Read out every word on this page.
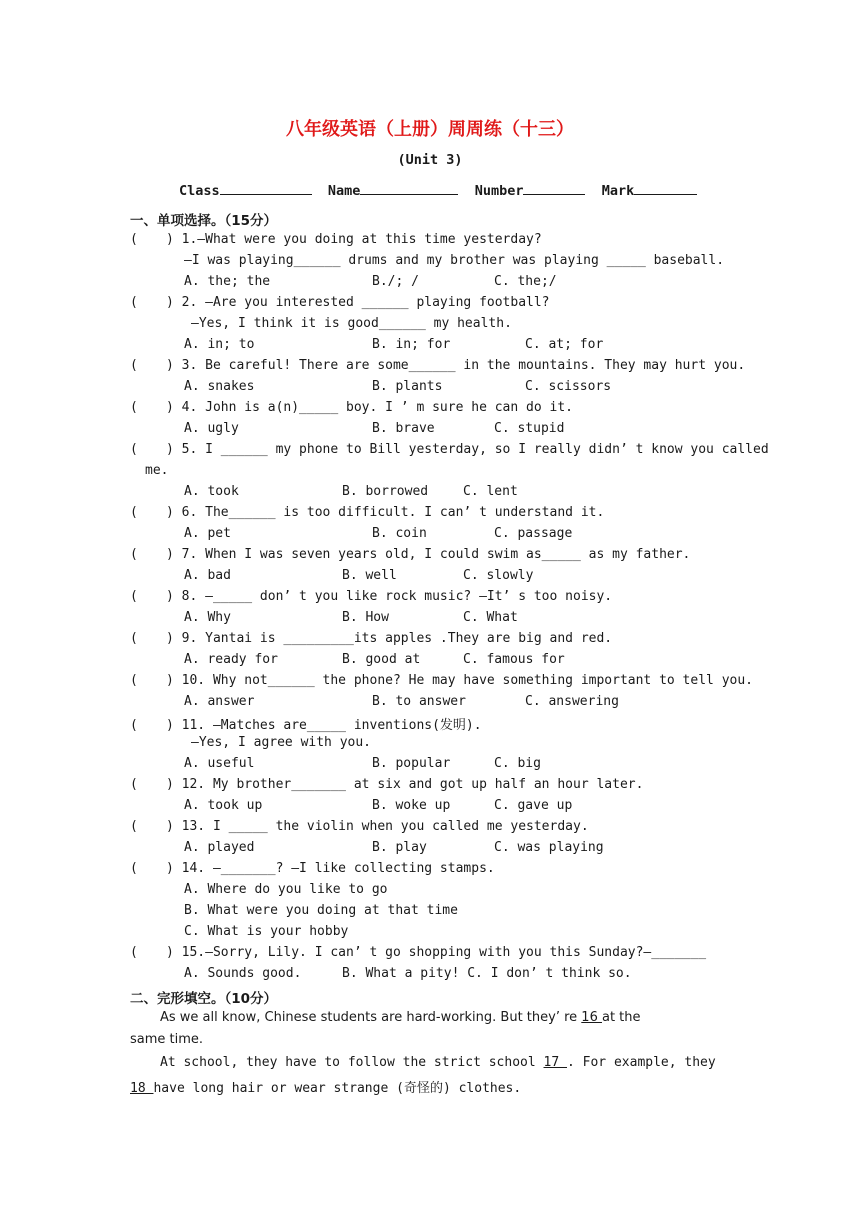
八年级英语（上册）周周练（十三）
(Unit 3)
Class	Name	Number	Mark
一、单项选择。（15分）
( ) 1.—What were you doing at this time yesterday?
—I was playing______ drums and my brother was playing _____ baseball.
A. the; the	B./; /	C. the;/
( ) 2. —Are you interested ______ playing football?
—Yes, I think it is good______ my health.
A. in; to	B. in; for	C. at; for
( ) 3. Be careful! There are some______ in the mountains. They may hurt you.
A. snakes	B. plants	C. scissors
( ) 4. John is a(n)_____ boy. I ’ m sure he can do it.
A. ugly	B. brave	C. stupid
( ) 5. I ______ my phone to Bill yesterday, so I really didn’ t know you called
me.
A. took	B. borrowed	C. lent
( ) 6. The______ is too difficult. I can’ t understand it.
A. pet	B. coin	C. passage
( ) 7. When I was seven years old, I could swim as_____ as my father.
A. bad	B. well	C. slowly
( ) 8. —_____ don’ t you like rock music? —It’ s too noisy.
A. Why	B. How	C. What
( ) 9. Yantai is _________its apples .They are big and red.
A. ready for	B. good at	C. famous for
( ) 10. Why not______ the phone? He may have something important to tell you.
A. answer	B. to answer	C. answering
( ) 11. —Matches are_____ inventions(发明).
—Yes, I agree with you.
A. useful	B. popular	C. big
( ) 12. My brother_______ at six and got up half an hour later.
A. took up	B. woke up	C. gave up
( ) 13. I _____ the violin when you called me yesterday.
A. played	B. play	C. was playing
( ) 14. —_______? —I like collecting stamps.
A. Where do you like to go
B. What were you doing at that time
C. What is your hobby
( ) 15.—Sorry, Lily. I can’ t go shopping with you this Sunday?—_______
A. Sounds good.	B. What a pity! C. I don’ t think so.
二、完形填空。（10分）
As we all know, Chinese students are hard-working. But they’ re 16 at the
same time.
At school, they have to follow the strict school 17 . For example, they
18 have long hair or wear strange (奇怪的) clothes.
